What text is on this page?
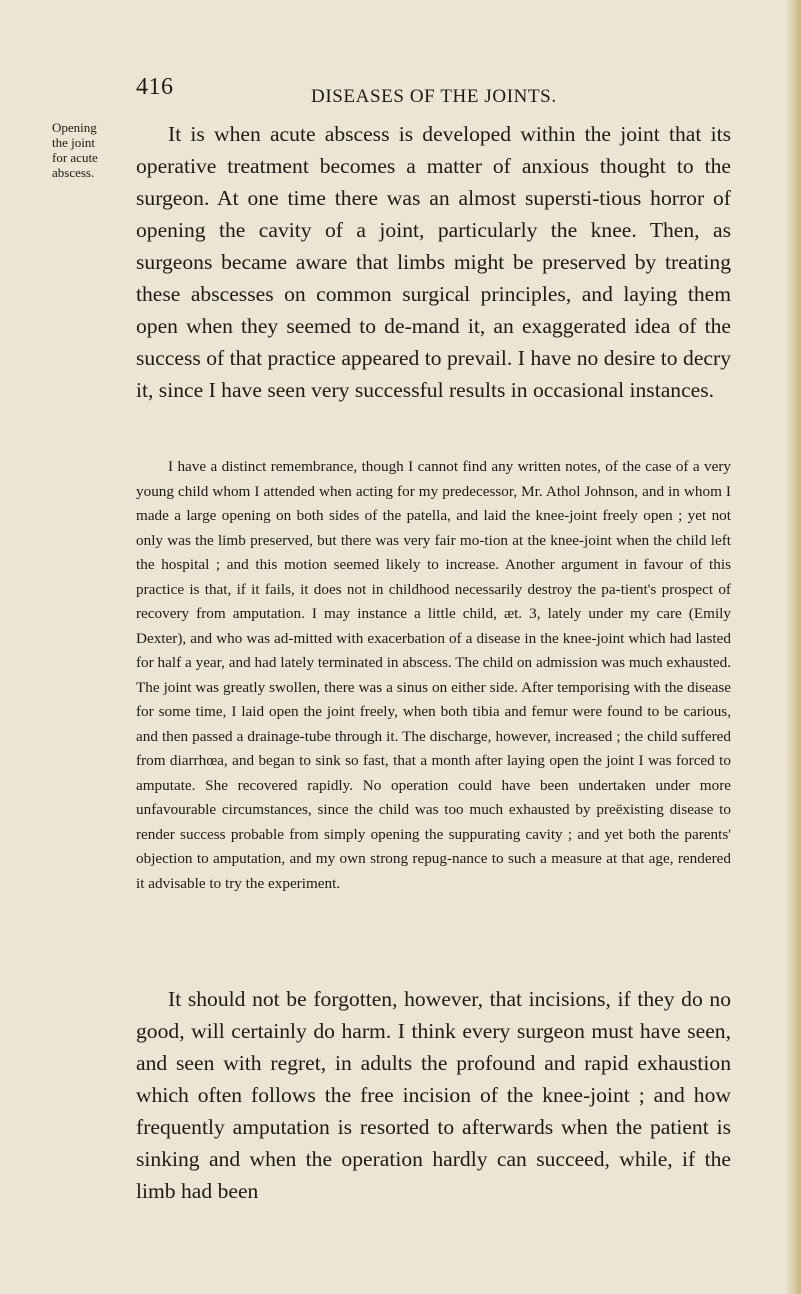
416	DISEASES OF THE JOINTS.

Opening
the joint
for acute
abscess.

It is when acute abscess is developed within the joint that its operative treatment becomes a matter of anxious thought to the surgeon. At one time there was an almost supersti-tious horror of opening the cavity of a joint, particularly the knee. Then, as surgeons became aware that limbs might be preserved by treating these abscesses on common surgical principles, and laying them open when they seemed to de-mand it, an exaggerated idea of the success of that practice appeared to prevail. I have no desire to decry it, since I have seen very successful results in occasional instances.

I have a distinct remembrance, though I cannot find any written notes, of the case of a very young child whom I attended when acting for my predecessor, Mr. Athol Johnson, and in whom I made a large opening on both sides of the patella, and laid the knee-joint freely open ; yet not only was the limb preserved, but there was very fair mo-tion at the knee-joint when the child left the hospital ; and this motion seemed likely to increase. Another argument in favour of this practice is that, if it fails, it does not in childhood necessarily destroy the pa-tient's prospect of recovery from amputation. I may instance a little child, æt. 3, lately under my care (Emily Dexter), and who was ad-mitted with exacerbation of a disease in the knee-joint which had lasted for half a year, and had lately terminated in abscess. The child on admission was much exhausted. The joint was greatly swollen, there was a sinus on either side. After temporising with the disease for some time, I laid open the joint freely, when both tibia and femur were found to be carious, and then passed a drainage-tube through it. The discharge, however, increased ; the child suffered from diarrhœa, and began to sink so fast, that a month after laying open the joint I was forced to amputate. She recovered rapidly. No operation could have been undertaken under more unfavourable circumstances, since the child was too much exhausted by preëxisting disease to render success probable from simply opening the suppurating cavity ; and yet both the parents' objection to amputation, and my own strong repug-nance to such a measure at that age, rendered it advisable to try the experiment.

It should not be forgotten, however, that incisions, if they do no good, will certainly do harm. I think every surgeon must have seen, and seen with regret, in adults the profound and rapid exhaustion which often follows the free incision of the knee-joint ; and how frequently amputation is resorted to afterwards when the patient is sinking and when the operation hardly can succeed, while, if the limb had been
